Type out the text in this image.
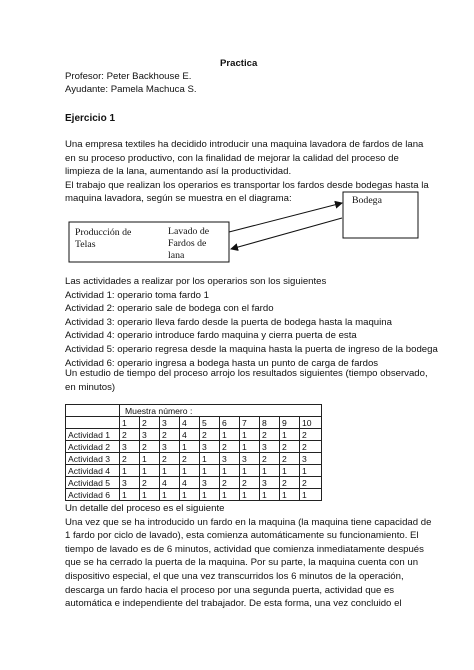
Practica
Profesor: Peter Backhouse E.
Ayudante: Pamela Machuca S.
Ejercicio 1
Una empresa textiles ha decidido introducir una maquina lavadora de fardos de lana
en su proceso productivo, con la finalidad de mejorar la calidad del proceso de
limpieza de la lana, aumentando así la productividad.
El trabajo que realizan los operarios es transportar los fardos desde bodegas hasta la
maquina lavadora, según se muestra en el diagrama:	Bodega
Producción de
Telas
Lavado de
Fardos de
lana
Las actividades a realizar por los operarios son los siguientes
Actividad 1: operario toma fardo 1
Actividad 2: operario sale de bodega con el fardo
Actividad 3: operario lleva fardo desde la puerta de bodega hasta la maquina
Actividad 4: operario introduce fardo maquina y cierra puerta de esta
Actividad 5: operario regresa desde la maquina hasta la puerta de ingreso de la bodega
Actividad 6: operario ingresa a bodega hasta un punto de carga de fardos
Un estudio de tiempo del proceso arrojo los resultados siguientes (tiempo observado,
en minutos)
	Muestra número :									
	1	2	3	4	5	6	7	8	9	10
Actividad 1	2	3	2	4	2	1	1	2	1	2
Actividad 2	3	2	3	1	3	2	1	3	2	2
Actividad 3	2	1	2	2	1	3	3	2	2	3
Actividad 4	1	1	1	1	1	1	1	1	1	1
Actividad 5	3	2	4	4	3	2	2	3	2	2
Actividad 6	1	1	1	1	1	1	1	1	1	1
Un detalle del proceso es el siguiente
Una vez que se ha introducido un fardo en la maquina (la maquina tiene capacidad de
1 fardo por ciclo de lavado), esta comienza automáticamente su funcionamiento. El
tiempo de lavado es de 6 minutos, actividad que comienza inmediatamente después
que se ha cerrado la puerta de la maquina. Por su parte, la maquina cuenta con un
dispositivo especial, el que una vez transcurridos los 6 minutos de la operación,
descarga un fardo hacia el proceso por una segunda puerta, actividad que es
automática e independiente del trabajador. De esta forma, una vez concluido el
